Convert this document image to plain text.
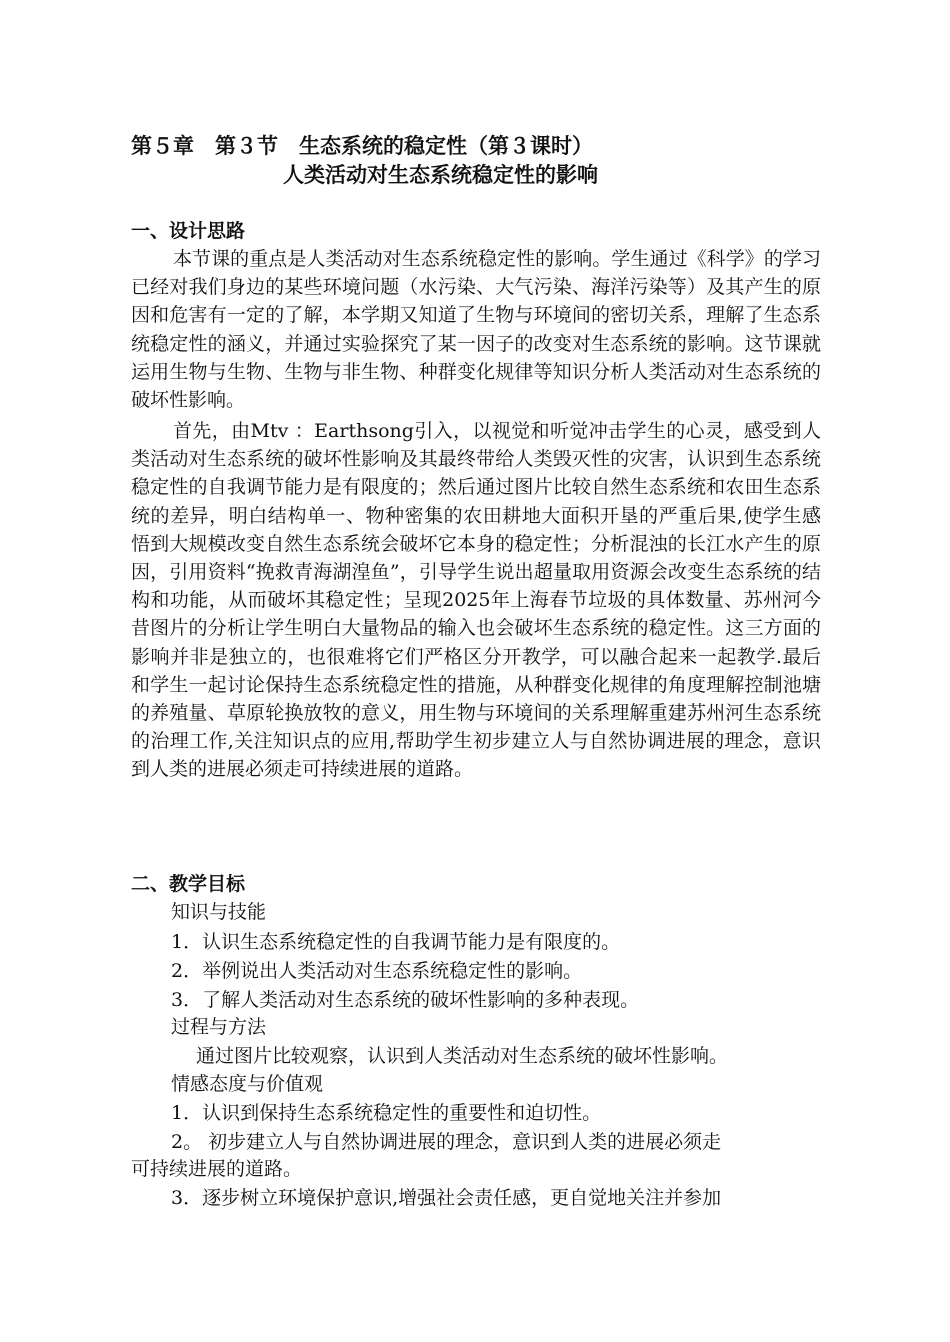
第５章　第３节　生态系统的稳定性（第３课时）
人类活动对生态系统稳定性的影响
一、设计思路

本节课的重点是人类活动对生态系统稳定性的影响。学生通过《科学》的学习已经对我们身边的某些环境问题（水污染、大气污染、海洋污染等）及其产生的原因和危害有一定的了解，本学期又知道了生物与环境间的密切关系，理解了生态系统稳定性的涵义，并通过实验探究了某一因子的改变对生态系统的影响。这节课就运用生物与生物、生物与非生物、种群变化规律等知识分析人类活动对生态系统的破坏性影响。

首先，由Mtv ：Earthsong引入，以视觉和听觉冲击学生的心灵，感受到人类活动对生态系统的破坏性影响及其最终带给人类毁灭性的灾害，认识到生态系统稳定性的自我调节能力是有限度的；然后通过图片比较自然生态系统和农田生态系统的差异，明白结构单一、物种密集的农田耕地大面积开垦的严重后果,使学生感悟到大规模改变自然生态系统会破坏它本身的稳定性；分析混浊的长江水产生的原因，引用资料“挽救青海湖湟鱼”，引导学生说出超量取用资源会改变生态系统的结构和功能，从而破坏其稳定性；呈现2025年上海春节垃圾的具体数量、苏州河今昔图片的分析让学生明白大量物品的输入也会破坏生态系统的稳定性。这三方面的影响并非是独立的，也很难将它们严格区分开教学，可以融合起来一起教学.最后和学生一起讨论保持生态系统稳定性的措施，从种群变化规律的角度理解控制池塘的养殖量、草原轮换放牧的意义，用生物与环境间的关系理解重建苏州河生态系统的治理工作,关注知识点的应用,帮助学生初步建立人与自然协调进展的理念，意识到人类的进展必须走可持续进展的道路。

二、教学目标
知识与技能
1．认识生态系统稳定性的自我调节能力是有限度的。
2．举例说出人类活动对生态系统稳定性的影响。
3．了解人类活动对生态系统的破坏性影响的多种表现。
过程与方法
通过图片比较观察，认识到人类活动对生态系统的破坏性影响。
情感态度与价值观
1．认识到保持生态系统稳定性的重要性和迫切性。
2。 初步建立人与自然协调进展的理念，意识到人类的进展必须走
可持续进展的道路。
3．逐步树立环境保护意识,增强社会责任感，更自觉地关注并参加
